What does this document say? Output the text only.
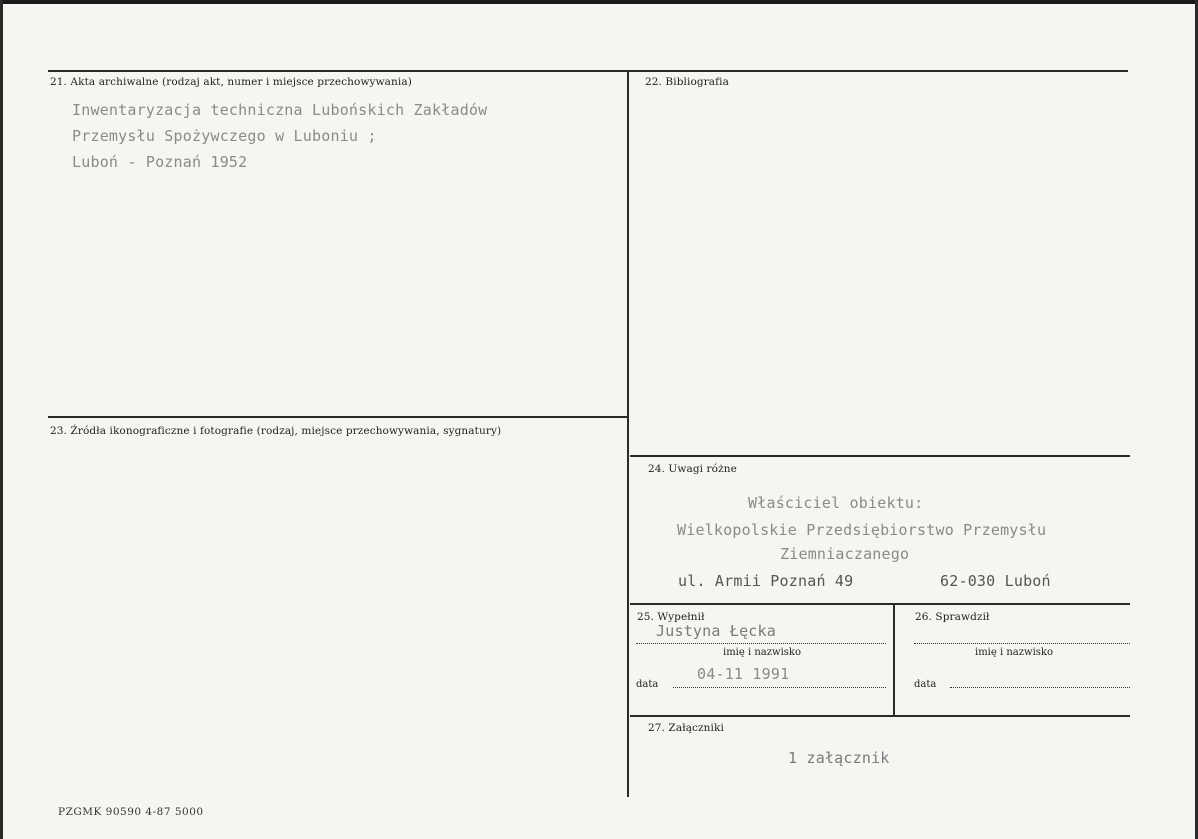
21. Akta archiwalne (rodzaj akt, numer i miejsce przechowywania)
Inwentaryzacja techniczna Lubońskich Zakładów
Przemysłu Spożywczego w Luboniu ;
Luboń - Poznań 1952
22. Bibliografia
23. Źródła ikonograficzne i fotografie (rodzaj, miejsce przechowywania, sygnatury)
24. Uwagi różne
Właściciel obiektu:
Wielkopolskie Przedsiębiorstwo Przemysłu
Ziemniaczanego
ul. Armii Poznań 49	62-030 Luboń
25. Wypełnił
Justyna Łęcka
imię i nazwisko
data
04-11 1991
26. Sprawdził
imię i nazwisko
data
27. Załączniki
1 załącznik
PZGMK 90590 4-87 5000
